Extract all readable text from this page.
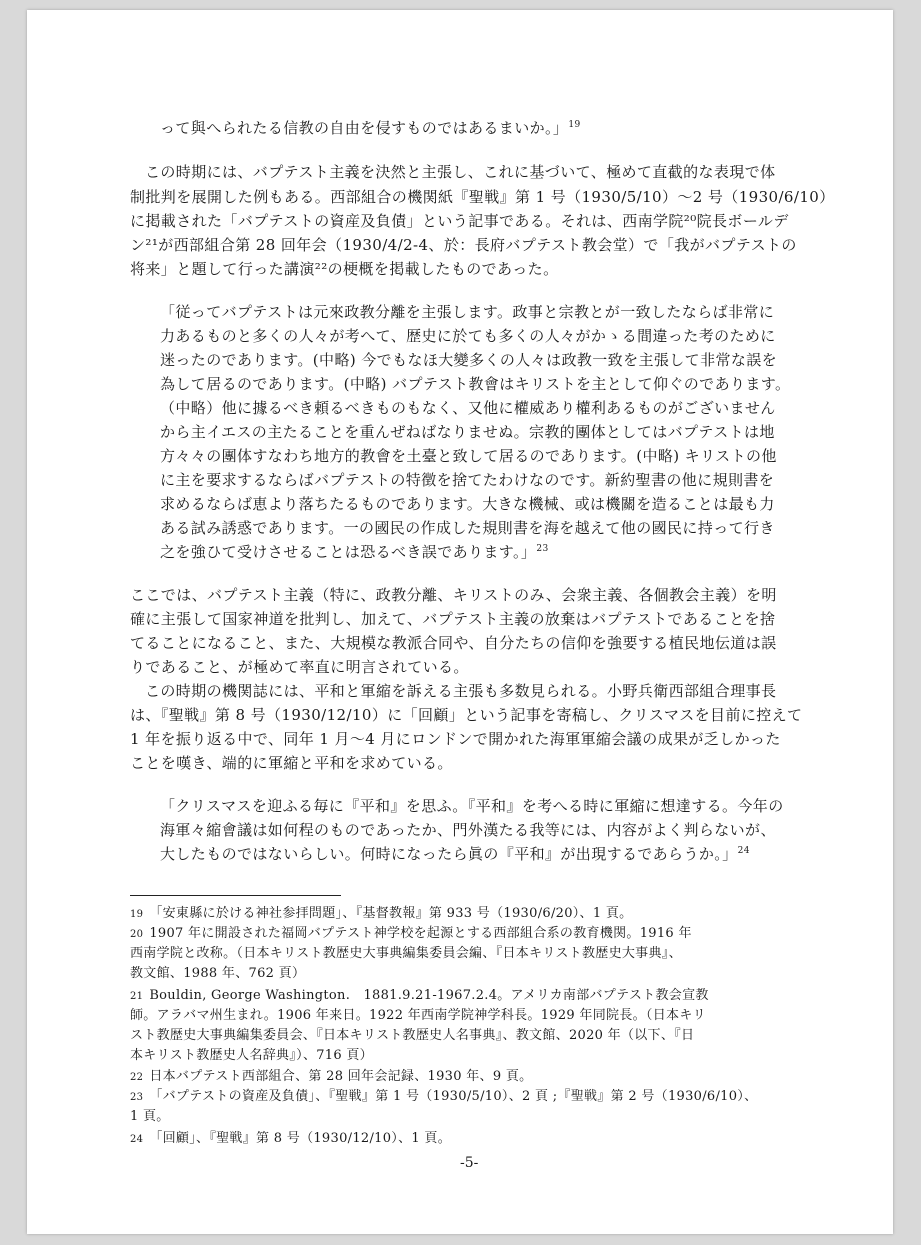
って與へられたる信教の自由を侵すものではあるまいか。」$^{19}$
この時期には、バプテスト主義を決然と主張し、これに基づいて、極めて直截的な表現で体
制批判を展開した例もある。西部組合の機関紙『聖戦』第 1 号（1930/5/10）～2 号（1930/6/10）
に掲載された「バプテストの資産及負債」という記事である。それは、西南学院²⁰院長ボールデ
ン²¹が西部組合第 28 回年会（1930/4/2-4、於：長府バプテスト教会堂）で「我がバプテストの
将来」と題して行った講演²²の梗概を掲載したものであった。
「従ってバプテストは元來政教分離を主張します。政事と宗教とが一致したならば非常に
力あるものと多くの人々が考へて、歴史に於ても多くの人々がかゝる間違った考のために
迷ったのであります。(中略) 今でもなほ大變多くの人々は政教一致を主張して非常な誤を
為して居るのであります。(中略) バプテスト教會はキリストを主として仰ぐのであります。
（中略）他に據るべき頼るべきものもなく、又他に權威あり權利あるものがございません
から主イエスの主たることを重んぜねばなりませぬ。宗教的團体としてはバプテストは地
方々々の團体すなわち地方的教會を土臺と致して居るのであります。(中略) キリストの他
に主を要求するならばバプテストの特徴を捨てたわけなのです。新約聖書の他に規則書を
求めるならば恵より落ちたるものであります。大きな機械、或は機關を造ることは最も力
ある試み誘惑であります。一の國民の作成した規則書を海を越えて他の國民に持って行き
之を強ひて受けさせることは恐るべき誤であります。」$^{23}$
ここでは、バプテスト主義（特に、政教分離、キリストのみ、会衆主義、各個教会主義）を明
確に主張して国家神道を批判し、加えて、バプテスト主義の放棄はバプテストであることを捨
てることになること、また、大規模な教派合同や、自分たちの信仰を強要する植民地伝道は誤
りであること、が極めて率直に明言されている。
この時期の機関誌には、平和と軍縮を訴える主張も多数見られる。小野兵衛西部組合理事長
は、『聖戦』第 8 号（1930/12/10）に「回顧」という記事を寄稿し、クリスマスを目前に控えて
1 年を振り返る中で、同年 1 月～4 月にロンドンで開かれた海軍軍縮会議の成果が乏しかった
ことを嘆き、端的に軍縮と平和を求めている。
「クリスマスを迎ふる毎に『平和』を思ふ。『平和』を考へる時に軍縮に想達する。今年の
海軍々縮會議は如何程のものであったか、門外漢たる我等には、内容がよく判らないが、
大したものではないらしい。何時になったら眞の『平和』が出現するであらうか。」$^{24}$
19 「安東縣に於ける神社参拝問題」、『基督教報』第 933 号（1930/6/20）、1 頁。
20 1907 年に開設された福岡バプテスト神学校を起源とする西部組合系の教育機関。1916 年
西南学院と改称。（日本キリスト教歴史大事典編集委員会編、『日本キリスト教歴史大事典』、
教文館、1988 年、762 頁）
21 Bouldin, George Washington.　1881.9.21-1967.2.4。アメリカ南部バプテスト教会宣教
師。アラバマ州生まれ。1906 年来日。1922 年西南学院神学科長。1929 年同院長。（日本キリ
スト教歴史大事典編集委員会、『日本キリスト教歴史人名事典』、教文館、2020 年（以下、『日
本キリスト教歴史人名辞典』）、716 頁）
22 日本バプテスト西部組合、第 28 回年会記録、1930 年、9 頁。
23 「バプテストの資産及負債」、『聖戦』第 1 号（1930/5/10）、2 頁 ;『聖戦』第 2 号（1930/6/10）、
1 頁。
24 「回顧」、『聖戦』第 8 号（1930/12/10）、1 頁。
-5-
